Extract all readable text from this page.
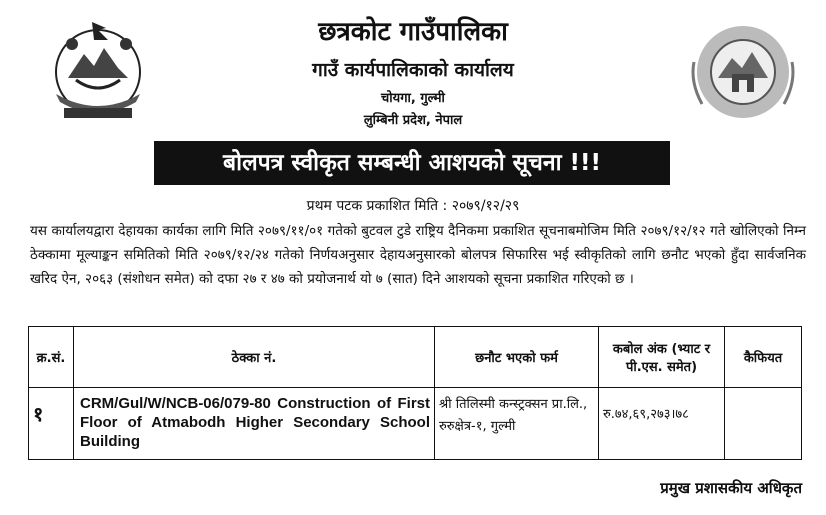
छत्रकोट गाउँपालिका
गाउँ कार्यपालिकाको कार्यालय
चोयगा, गुल्मी
लुम्बिनी प्रदेश, नेपाल
बोलपत्र स्वीकृत सम्बन्धी आशयको सूचना !!!
प्रथम पटक प्रकाशित मिति : २०७९/१२/२९
यस कार्यालयद्वारा देहायका कार्यका लागि मिति २०७९/११/०१ गतेको बुटवल टुडे राष्ट्रिय दैनिकमा प्रकाशित सूचनाबमोजिम मिति २०७९/१२/१२ गते खोलिएको निम्न ठेक्कामा मूल्याङ्कन समितिको मिति २०७९/१२/२४ गतेको निर्णयअनुसार देहायअनुसारको बोलपत्र सिफारिस भई स्वीकृतिको लागि छनौट भएको हुँदा सार्वजनिक खरिद ऐन, २०६३ (संशोधन समेत) को दफा २७ र ४७ को प्रयोजनार्थ यो ७ (सात) दिने आशयको सूचना प्रकाशित गरिएको छ ।
क्र.सं.	ठेक्का नं.	छनौट भएको फर्म	कबोल अंक (भ्याट र पी.एस. समेत)	कैफियत
१	CRM/Gul/W/NCB-06/079-80 Construction of First Floor of Atmabodh Higher Secondary School Building	श्री तिलिस्मी कन्स्ट्रक्सन प्रा.लि., रुरुक्षेत्र-१, गुल्मी	रु.७४,६९,२७३।७८	
प्रमुख प्रशासकीय अधिकृत
